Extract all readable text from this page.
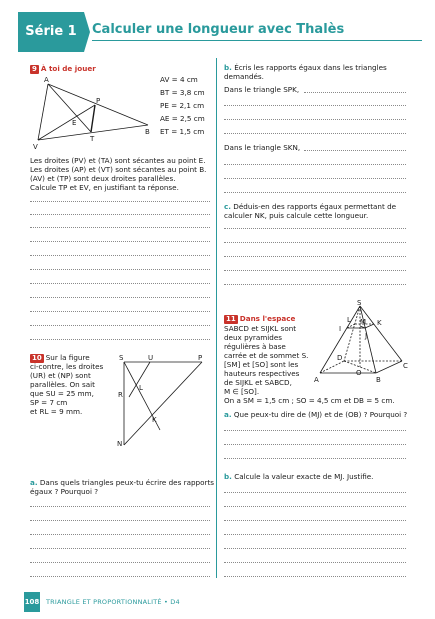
Série 1	Calculer une longueur avec Thalès
9 À toi de jouer
A
P
E
V
T
B
AV = 4 cm
BT = 3,8 cm
PE = 2,1 cm
AE = 2,5 cm
ET = 1,5 cm
Les droites (PV) et (TA) sont sécantes au point E.
Les droites (AP) et (VT) sont sécantes au point B.
(AV) et (TP) sont deux droites parallèles.
Calcule TP et EV, en justifiant ta réponse.
10 Sur la figure
ci-contre, les droites
(UR) et (NP) sont
parallèles. On sait
que SU = 25 mm,
SP = 7 cm
et RL = 9 mm.
S	U	P
R
L
K
N
a. Dans quels triangles peux-tu écrire des rapports
égaux ? Pourquoi ?
b. Écris les rapports égaux dans les triangles
demandés.
Dans le triangle SPK,
Dans le triangle SKN,
c. Déduis-en des rapports égaux permettant de
calculer NK, puis calcule cette longueur.
11 Dans l'espace
SABCD et SIJKL sont
deux pyramides
régulières à base
carrée et de sommet S.
[SM] et [SO] sont les
hauteurs respectives
de SIJKL et SABCD,
M ∈ [SO].
S
L M K
I
J
D
C
O
A	B
On a SM = 1,5 cm ; SO = 4,5 cm et DB = 5 cm.
a. Que peux-tu dire de (MJ) et de (OB) ? Pourquoi ?
b. Calcule la valeur exacte de MJ. Justifie.
108 TRIANGLE ET PROPORTIONNALITÉ • D4
